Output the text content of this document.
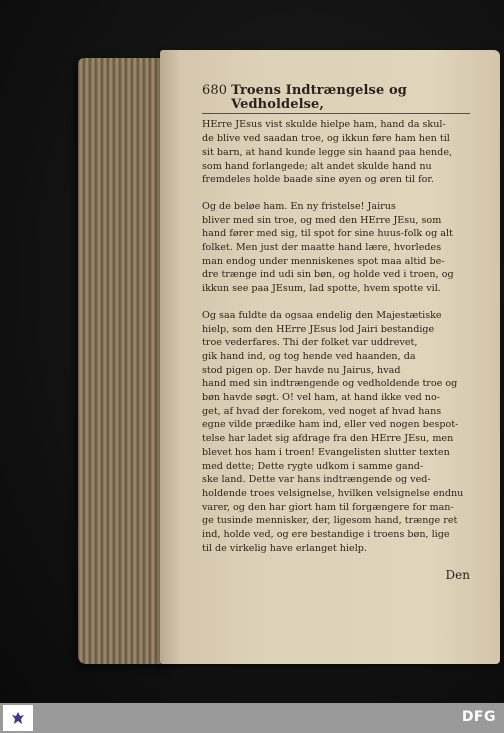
680 Troens Indtrængelse og Vedholdelse,
HErre JEsus vist skulde hielpe ham, hand da skul-
de blive ved saadan troe, og ikkun føre ham hen til
sit barn, at hand kunde legge sin haand paa hende,
som hand forlangede; alt andet skulde hand nu
fremdeles holde baade sine øyen og øren til for.
Og de beløe ham. En ny fristelse! Jairus
bliver med sin troe, og med den HErre JEsu, som
hand fører med sig, til spot for sine huus-folk og alt
folket. Men just der maatte hand lære, hvorledes
man endog under menniskenes spot maa altid be-
dre trænge ind udi sin bøn, og holde ved i troen, og
ikkun see paa JEsum, lad spotte, hvem spotte vil.
Og saa fuldte da ogsaa endelig den Majestætiske
hielp, som den HErre JEsus lod Jairi bestandige
troe vederfares. Thi der folket var uddrevet,
gik hand ind, og tog hende ved haanden, da
stod pigen op. Der havde nu Jairus, hvad
hand med sin indtrængende og vedholdende troe og
bøn havde søgt. O! vel ham, at hand ikke ved no-
get, af hvad der forekom, ved noget af hvad hans
egne vilde prædike ham ind, eller ved nogen bespot-
telse har ladet sig afdrage fra den HErre JEsu, men
blevet hos ham i troen! Evangelisten slutter texten
med dette; Dette rygte udkom i samme gand-
ske land. Dette var hans indtrængende og ved-
holdende troes velsignelse, hvilken velsignelse endnu
varer, og den har giort ham til forgængere for man-
ge tusinde mennisker, der, ligesom hand, trænge ret
ind, holde ved, og ere bestandige i troens bøn, lige
til de virkelig have erlanget hielp.
Den
DFG
